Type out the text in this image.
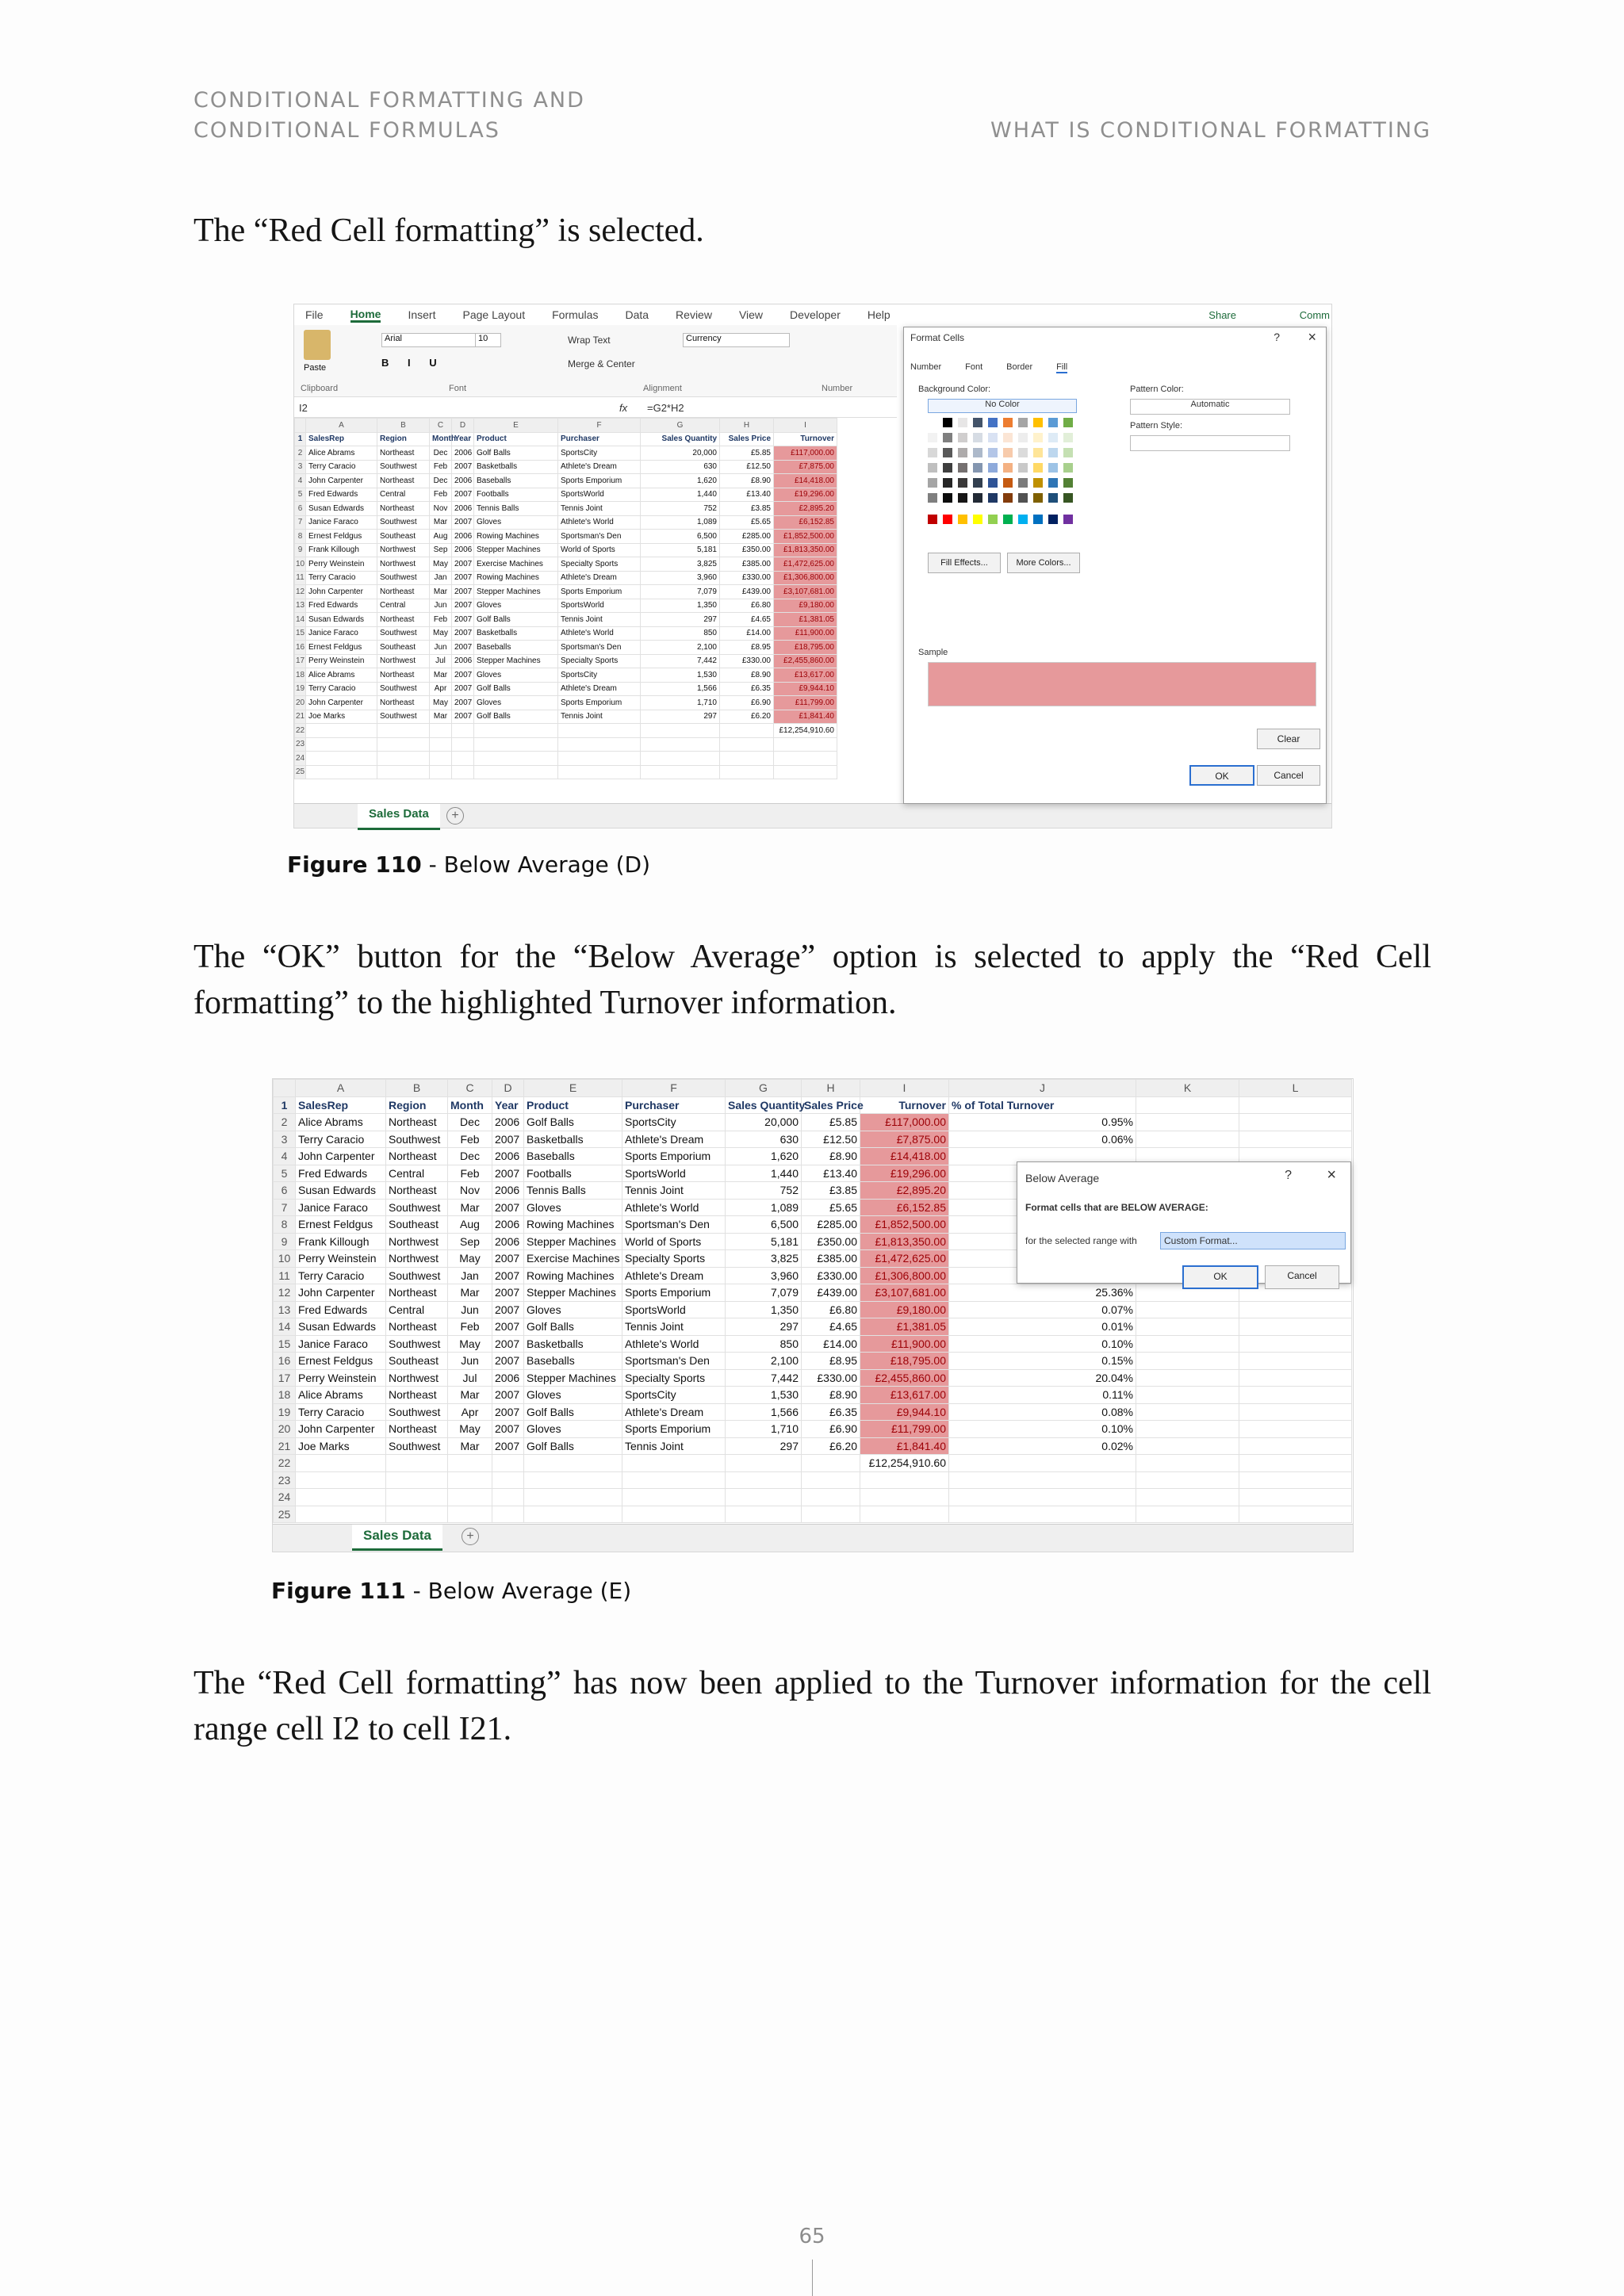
CONDITIONAL FORMATTING AND
CONDITIONAL FORMULAS	WHAT IS CONDITIONAL FORMATTING
The “Red Cell formatting” is selected.
File Home Insert Page Layout Formulas Data Review View Developer Help	Share	Comm
Paste
Arial	10
B I U
Wrap Text
Merge & Center
Currency
Clipboard	Font	Alignment	Number
I2	fx =G2*H2
	A	B	C	D	E	F	G	H	I
1	SalesRep	Region	Month	Year	Product	Purchaser	Sales Quantity	Sales Price	Turnover
2	Alice Abrams	Northeast	Dec	2006	Golf Balls	SportsCity	20,000	£5.85	£117,000.00
3	Terry Caracio	Southwest	Feb	2007	Basketballs	Athlete's Dream	630	£12.50	£7,875.00
4	John Carpenter	Northeast	Dec	2006	Baseballs	Sports Emporium	1,620	£8.90	£14,418.00
5	Fred Edwards	Central	Feb	2007	Footballs	SportsWorld	1,440	£13.40	£19,296.00
6	Susan Edwards	Northeast	Nov	2006	Tennis Balls	Tennis Joint	752	£3.85	£2,895.20
7	Janice Faraco	Southwest	Mar	2007	Gloves	Athlete's World	1,089	£5.65	£6,152.85
8	Ernest Feldgus	Southeast	Aug	2006	Rowing Machines	Sportsman's Den	6,500	£285.00	£1,852,500.00
9	Frank Killough	Northwest	Sep	2006	Stepper Machines	World of Sports	5,181	£350.00	£1,813,350.00
10	Perry Weinstein	Northwest	May	2007	Exercise Machines	Specialty Sports	3,825	£385.00	£1,472,625.00
11	Terry Caracio	Southwest	Jan	2007	Rowing Machines	Athlete's Dream	3,960	£330.00	£1,306,800.00
12	John Carpenter	Northeast	Mar	2007	Stepper Machines	Sports Emporium	7,079	£439.00	£3,107,681.00
13	Fred Edwards	Central	Jun	2007	Gloves	SportsWorld	1,350	£6.80	£9,180.00
14	Susan Edwards	Northeast	Feb	2007	Golf Balls	Tennis Joint	297	£4.65	£1,381.05
15	Janice Faraco	Southwest	May	2007	Basketballs	Athlete's World	850	£14.00	£11,900.00
16	Ernest Feldgus	Southeast	Jun	2007	Baseballs	Sportsman's Den	2,100	£8.95	£18,795.00
17	Perry Weinstein	Northwest	Jul	2006	Stepper Machines	Specialty Sports	7,442	£330.00	£2,455,860.00
18	Alice Abrams	Northeast	Mar	2007	Gloves	SportsCity	1,530	£8.90	£13,617.00
19	Terry Caracio	Southwest	Apr	2007	Golf Balls	Athlete's Dream	1,566	£6.35	£9,944.10
20	John Carpenter	Northeast	May	2007	Gloves	Sports Emporium	1,710	£6.90	£11,799.00
21	Joe Marks	Southwest	Mar	2007	Golf Balls	Tennis Joint	297	£6.20	£1,841.40
22									£12,254,910.60
23									
24									
25									
Sales Data	+
Format Cells	? ×
Number	Font	Border	Fill
Background Color:
No Color
Fill Effects...	More Colors...
Pattern Color:
Automatic
Pattern Style:
Sample
Clear
OK	Cancel
Figure 110 - Below Average (D)
The “OK” button for the “Below Average” option is selected to apply the “Red Cell formatting” to the highlighted Turnover information.
	A	B	C	D	E	F	G	H	I	J	K	L
1	SalesRep	Region	Month	Year	Product	Purchaser	Sales Quantity	Sales Price	Turnover	% of Total Turnover		
2	Alice Abrams	Northeast	Dec	2006	Golf Balls	SportsCity	20,000	£5.85	£117,000.00	0.95%		
3	Terry Caracio	Southwest	Feb	2007	Basketballs	Athlete's Dream	630	£12.50	£7,875.00	0.06%		
4	John Carpenter	Northeast	Dec	2006	Baseballs	Sports Emporium	1,620	£8.90	£14,418.00			
5	Fred Edwards	Central	Feb	2007	Footballs	SportsWorld	1,440	£13.40	£19,296.00			
6	Susan Edwards	Northeast	Nov	2006	Tennis Balls	Tennis Joint	752	£3.85	£2,895.20			
7	Janice Faraco	Southwest	Mar	2007	Gloves	Athlete's World	1,089	£5.65	£6,152.85			
8	Ernest Feldgus	Southeast	Aug	2006	Rowing Machines	Sportsman's Den	6,500	£285.00	£1,852,500.00			
9	Frank Killough	Northwest	Sep	2006	Stepper Machines	World of Sports	5,181	£350.00	£1,813,350.00			
10	Perry Weinstein	Northwest	May	2007	Exercise Machines	Specialty Sports	3,825	£385.00	£1,472,625.00			
11	Terry Caracio	Southwest	Jan	2007	Rowing Machines	Athlete's Dream	3,960	£330.00	£1,306,800.00			
12	John Carpenter	Northeast	Mar	2007	Stepper Machines	Sports Emporium	7,079	£439.00	£3,107,681.00	25.36%		
13	Fred Edwards	Central	Jun	2007	Gloves	SportsWorld	1,350	£6.80	£9,180.00	0.07%		
14	Susan Edwards	Northeast	Feb	2007	Golf Balls	Tennis Joint	297	£4.65	£1,381.05	0.01%		
15	Janice Faraco	Southwest	May	2007	Basketballs	Athlete's World	850	£14.00	£11,900.00	0.10%		
16	Ernest Feldgus	Southeast	Jun	2007	Baseballs	Sportsman's Den	2,100	£8.95	£18,795.00	0.15%		
17	Perry Weinstein	Northwest	Jul	2006	Stepper Machines	Specialty Sports	7,442	£330.00	£2,455,860.00	20.04%		
18	Alice Abrams	Northeast	Mar	2007	Gloves	SportsCity	1,530	£8.90	£13,617.00	0.11%		
19	Terry Caracio	Southwest	Apr	2007	Golf Balls	Athlete's Dream	1,566	£6.35	£9,944.10	0.08%		
20	John Carpenter	Northeast	May	2007	Gloves	Sports Emporium	1,710	£6.90	£11,799.00	0.10%		
21	Joe Marks	Southwest	Mar	2007	Golf Balls	Tennis Joint	297	£6.20	£1,841.40	0.02%		
22									£12,254,910.60			
23												
24												
25												
Sales Data	+
Below Average	? ×
Format cells that are BELOW AVERAGE:
for the selected range with	Custom Format...
OK	Cancel
Figure 111 - Below Average (E)
The “Red Cell formatting” has now been applied to the Turnover information for the cell range cell I2 to cell I21.
65
